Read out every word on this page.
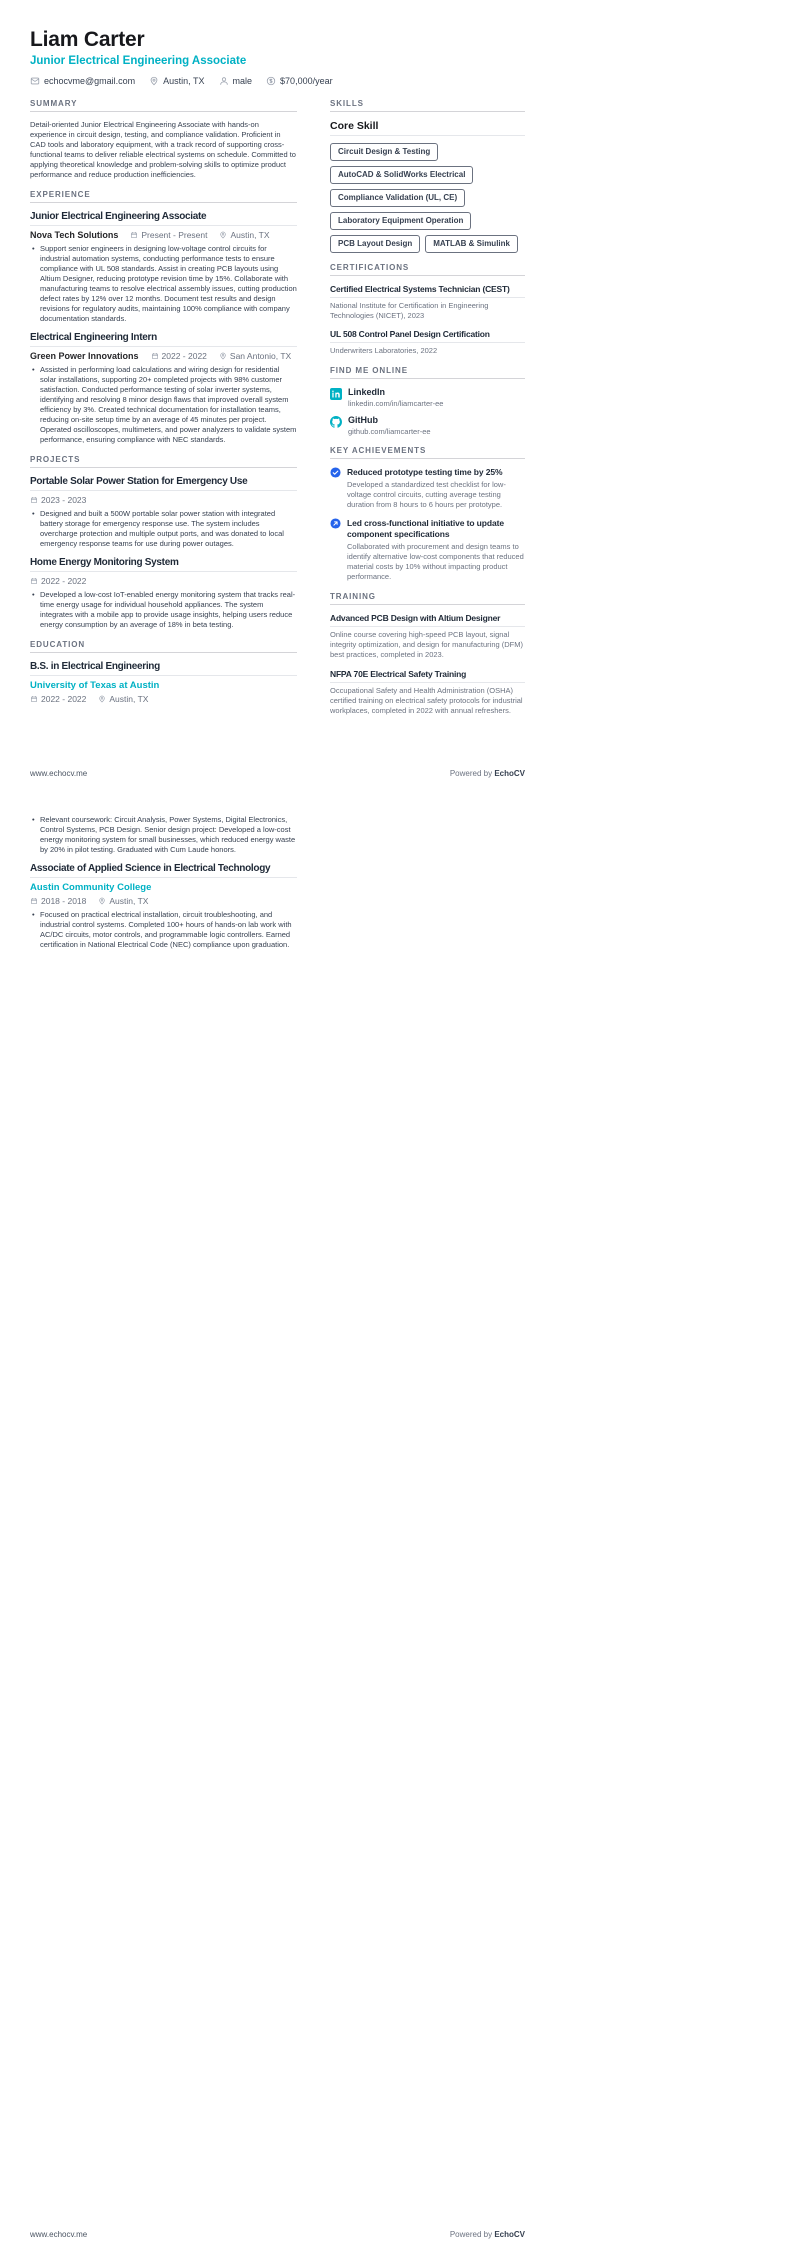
Liam Carter
Junior Electrical Engineering Associate
echocvme@gmail.com	Austin, TX	male	$70,000/year
SUMMARY

Detail-oriented Junior Electrical Engineering Associate with hands-on experience in circuit design, testing, and compliance validation. Proficient in CAD tools and laboratory equipment, with a track record of supporting cross-functional teams to deliver reliable electrical systems on schedule. Committed to applying theoretical knowledge and problem-solving skills to optimize product performance and reduce production inefficiencies.

EXPERIENCE
Junior Electrical Engineering Associate
Nova Tech Solutions	Present - Present	Austin, TX
• Support senior engineers in designing low-voltage control circuits for industrial automation systems, conducting performance tests to ensure compliance with UL 508 standards. Assist in creating PCB layouts using Altium Designer, reducing prototype revision time by 15%. Collaborate with manufacturing teams to resolve electrical assembly issues, cutting production defect rates by 12% over 12 months. Document test results and design revisions for regulatory audits, maintaining 100% compliance with company documentation standards.
Electrical Engineering Intern
Green Power Innovations	2022 - 2022	San Antonio, TX
• Assisted in performing load calculations and wiring design for residential solar installations, supporting 20+ completed projects with 98% customer satisfaction. Conducted performance testing of solar inverter systems, identifying and resolving 8 minor design flaws that improved overall system efficiency by 3%. Created technical documentation for installation teams, reducing on-site setup time by an average of 45 minutes per project. Operated oscilloscopes, multimeters, and power analyzers to validate system performance, ensuring compliance with NEC standards.
PROJECTS
Portable Solar Power Station for Emergency Use
2023 - 2023
• Designed and built a 500W portable solar power station with integrated battery storage for emergency response use. The system includes overcharge protection and multiple output ports, and was donated to local emergency response teams for use during power outages.
Home Energy Monitoring System
2022 - 2022
• Developed a low-cost IoT-enabled energy monitoring system that tracks real-time energy usage for individual household appliances. The system integrates with a mobile app to provide usage insights, helping users reduce energy consumption by an average of 18% in beta testing.
EDUCATION
B.S. in Electrical Engineering
University of Texas at Austin
2022 - 2022	Austin, TX
SKILLS
Core Skill
Circuit Design & Testing
AutoCAD & SolidWorks Electrical
Compliance Validation (UL, CE)
Laboratory Equipment Operation
PCB Layout Design	MATLAB & Simulink
CERTIFICATIONS
Certified Electrical Systems Technician (CEST)

National Institute for Certification in Engineering Technologies (NICET), 2023

UL 508 Control Panel Design Certification

Underwriters Laboratories, 2022

FIND ME ONLINE
LinkedIn
linkedin.com/in/liamcarter-ee
GitHub
github.com/liamcarter-ee
KEY ACHIEVEMENTS
Reduced prototype testing time by 25%
Developed a standardized test checklist for low-voltage control circuits, cutting average testing duration from 8 hours to 6 hours per prototype.
Led cross-functional initiative to update component specifications
Collaborated with procurement and design teams to identify alternative low-cost components that reduced material costs by 10% without impacting product performance.
TRAINING
Advanced PCB Design with Altium Designer

Online course covering high-speed PCB layout, signal integrity optimization, and design for manufacturing (DFM) best practices, completed in 2023.

NFPA 70E Electrical Safety Training

Occupational Safety and Health Administration (OSHA) certified training on electrical safety protocols for industrial workplaces, completed in 2022 with annual refreshers.

www.echocv.me	Powered by EchoCV
• Relevant coursework: Circuit Analysis, Power Systems, Digital Electronics, Control Systems, PCB Design. Senior design project: Developed a low-cost energy monitoring system for small businesses, which reduced energy waste by 20% in pilot testing. Graduated with Cum Laude honors.
Associate of Applied Science in Electrical Technology
Austin Community College
2018 - 2018	Austin, TX
• Focused on practical electrical installation, circuit troubleshooting, and industrial control systems. Completed 100+ hours of hands-on lab work with AC/DC circuits, motor controls, and programmable logic controllers. Earned certification in National Electrical Code (NEC) compliance upon graduation.
www.echocv.me	Powered by EchoCV
